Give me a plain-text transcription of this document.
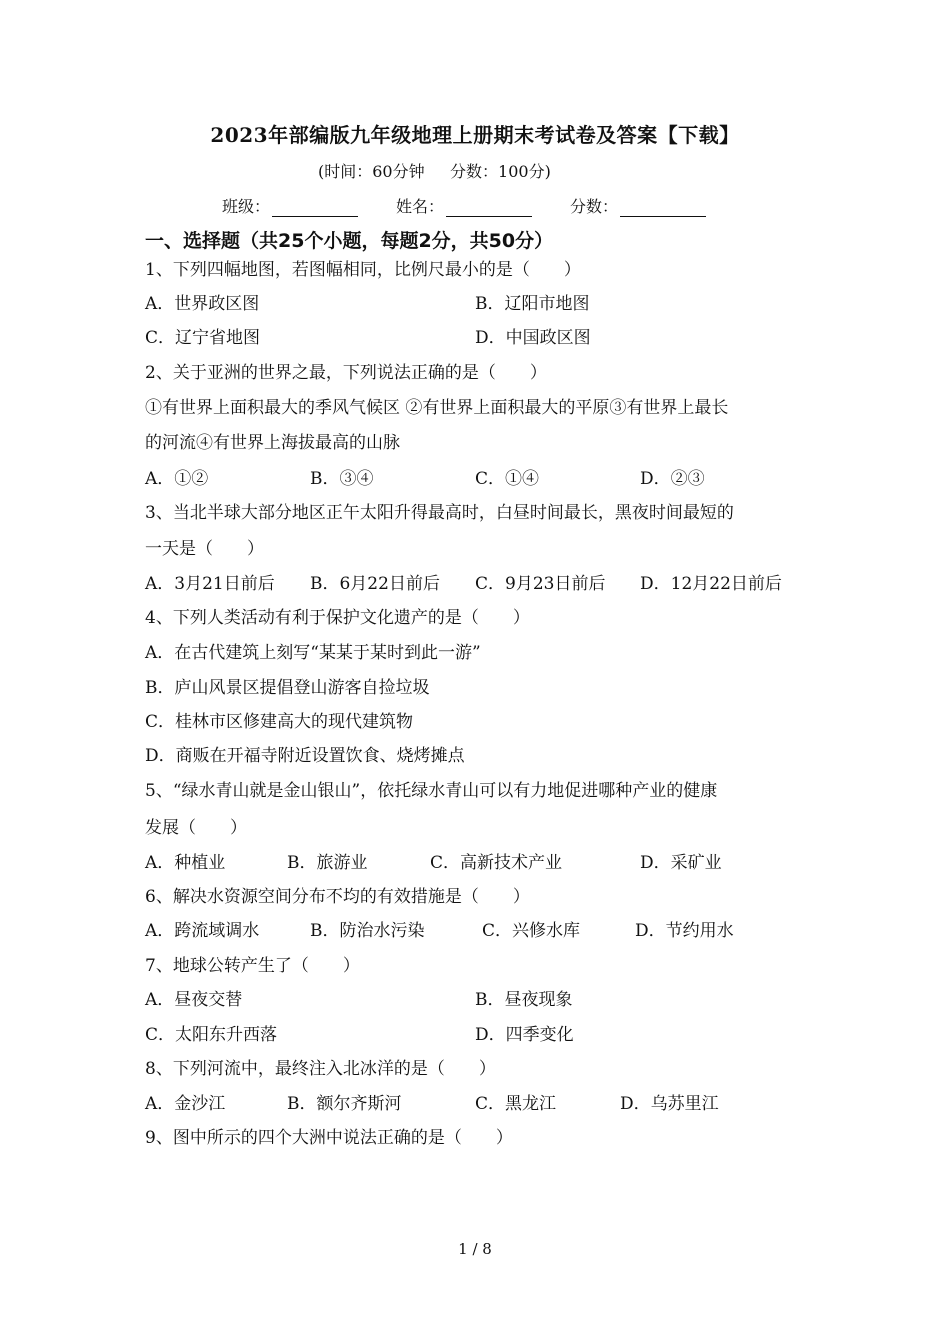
2023年部编版九年级地理上册期末考试卷及答案【下载】
(时间：60分钟     分数：100分)
班级：	姓名：	分数：
一、选择题（共25个小题，每题2分，共50分）
1、下列四幅地图，若图幅相同，比例尺最小的是（　　）
A．世界政区图	B．辽阳市地图
C．辽宁省地图	D．中国政区图
2、关于亚洲的世界之最，下列说法正确的是（　　）
①有世界上面积最大的季风气候区 ②有世界上面积最大的平原③有世界上最长
的河流④有世界上海拔最高的山脉
A．①②	B．③④	C．①④	D．②③
3、当北半球大部分地区正午太阳升得最高时，白昼时间最长，黑夜时间最短的
一天是（　　）
A．3月21日前后 B．6月22日前后 C．9月23日前后 D．12月22日前后
4、下列人类活动有利于保护文化遗产的是（　　）
A．在古代建筑上刻写“某某于某时到此一游”
B．庐山风景区提倡登山游客自捡垃圾
C．桂林市区修建高大的现代建筑物
D．商贩在开福寺附近设置饮食、烧烤摊点
5、“绿水青山就是金山银山”，依托绿水青山可以有力地促进哪种产业的健康
发展（　　）
A．种植业	B．旅游业	C．高新技术产业	D．采矿业
6、解决水资源空间分布不均的有效措施是（　　）
A．跨流域调水	B．防治水污染	C．兴修水库	D．节约用水
7、地球公转产生了（　　）
A．昼夜交替	B．昼夜现象
C．太阳东升西落	D．四季变化
8、下列河流中，最终注入北冰洋的是（　　）
A．金沙江	B．额尔齐斯河	C．黑龙江	D．乌苏里江
9、图中所示的四个大洲中说法正确的是（　　）
1 / 8
